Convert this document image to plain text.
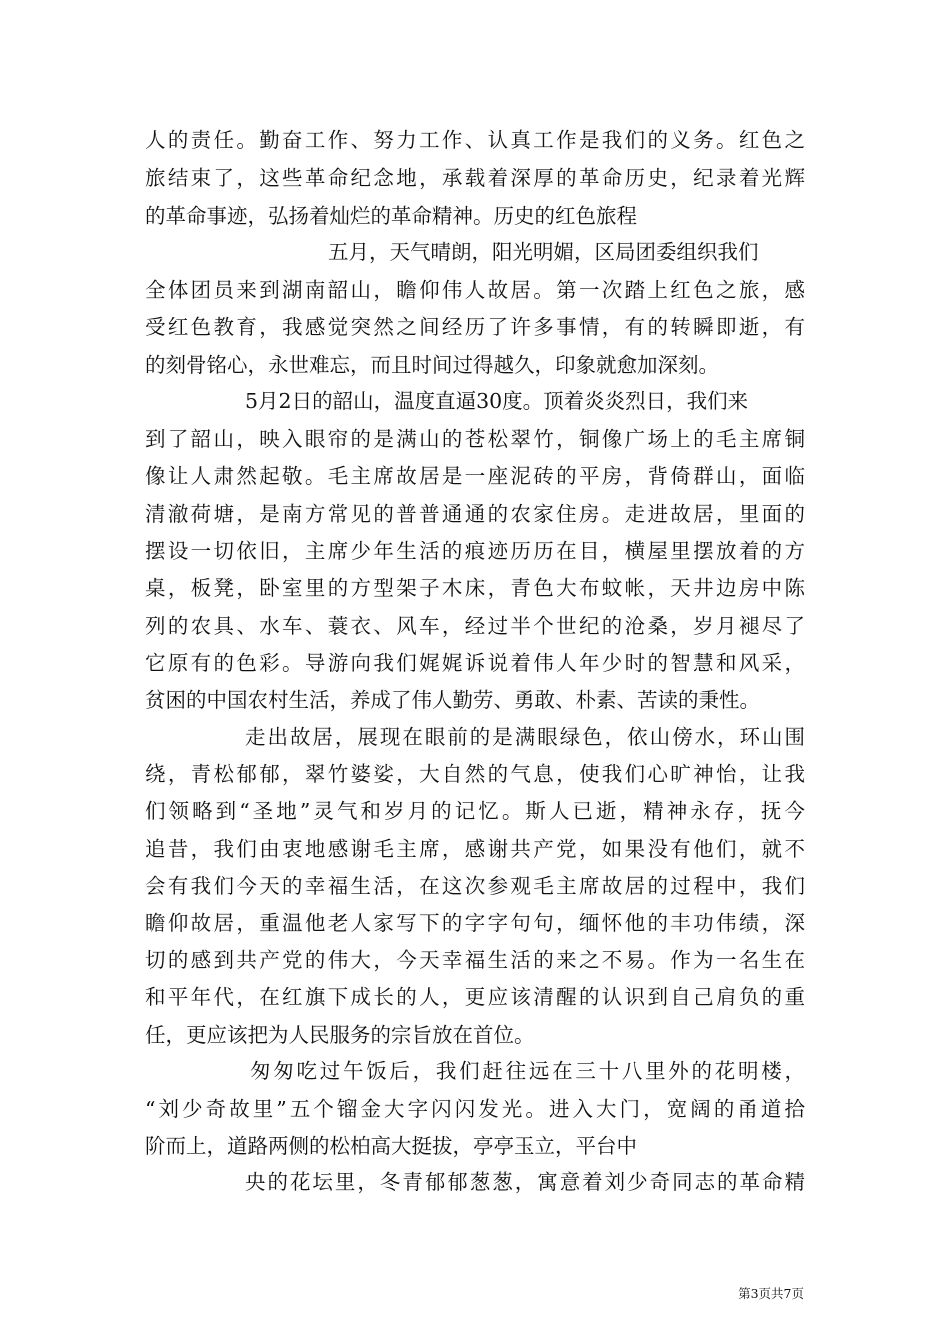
人的责任。勤奋工作、努力工作、认真工作是我们的义务。红色之
旅结束了，这些革命纪念地，承载着深厚的革命历史，纪录着光辉
的革命事迹，弘扬着灿烂的革命精神。历史的红色旅程
五月，天气晴朗，阳光明媚，区局团委组织我们
全体团员来到湖南韶山，瞻仰伟人故居。第一次踏上红色之旅，感
受红色教育，我感觉突然之间经历了许多事情，有的转瞬即逝，有
的刻骨铭心，永世难忘，而且时间过得越久，印象就愈加深刻。
5月2日的韶山，温度直逼30度。顶着炎炎烈日，我们来
到了韶山，映入眼帘的是满山的苍松翠竹，铜像广场上的毛主席铜
像让人肃然起敬。毛主席故居是一座泥砖的平房，背倚群山，面临
清澈荷塘，是南方常见的普普通通的农家住房。走进故居，里面的
摆设一切依旧，主席少年生活的痕迹历历在目，横屋里摆放着的方
桌，板凳，卧室里的方型架子木床，青色大布蚊帐，天井边房中陈
列的农具、水车、蓑衣、风车，经过半个世纪的沧桑，岁月褪尽了
它原有的色彩。导游向我们娓娓诉说着伟人年少时的智慧和风采，
贫困的中国农村生活，养成了伟人勤劳、勇敢、朴素、苦读的秉性。
走出故居，展现在眼前的是满眼绿色，依山傍水，环山围
绕，青松郁郁，翠竹婆娑，大自然的气息，使我们心旷神怡，让我
们领略到“圣地”灵气和岁月的记忆。斯人已逝，精神永存，抚今
追昔，我们由衷地感谢毛主席，感谢共产党，如果没有他们，就不
会有我们今天的幸福生活，在这次参观毛主席故居的过程中，我们
瞻仰故居，重温他老人家写下的字字句句，缅怀他的丰功伟绩，深
切的感到共产党的伟大，今天幸福生活的来之不易。作为一名生在
和平年代，在红旗下成长的人，更应该清醒的认识到自己肩负的重
任，更应该把为人民服务的宗旨放在首位。
匆匆吃过午饭后，我们赶往远在三十八里外的花明楼，
“刘少奇故里”五个镏金大字闪闪发光。进入大门，宽阔的甬道拾
阶而上，道路两侧的松柏高大挺拔，亭亭玉立，平台中
央的花坛里，冬青郁郁葱葱，寓意着刘少奇同志的革命精
第3页共7页
